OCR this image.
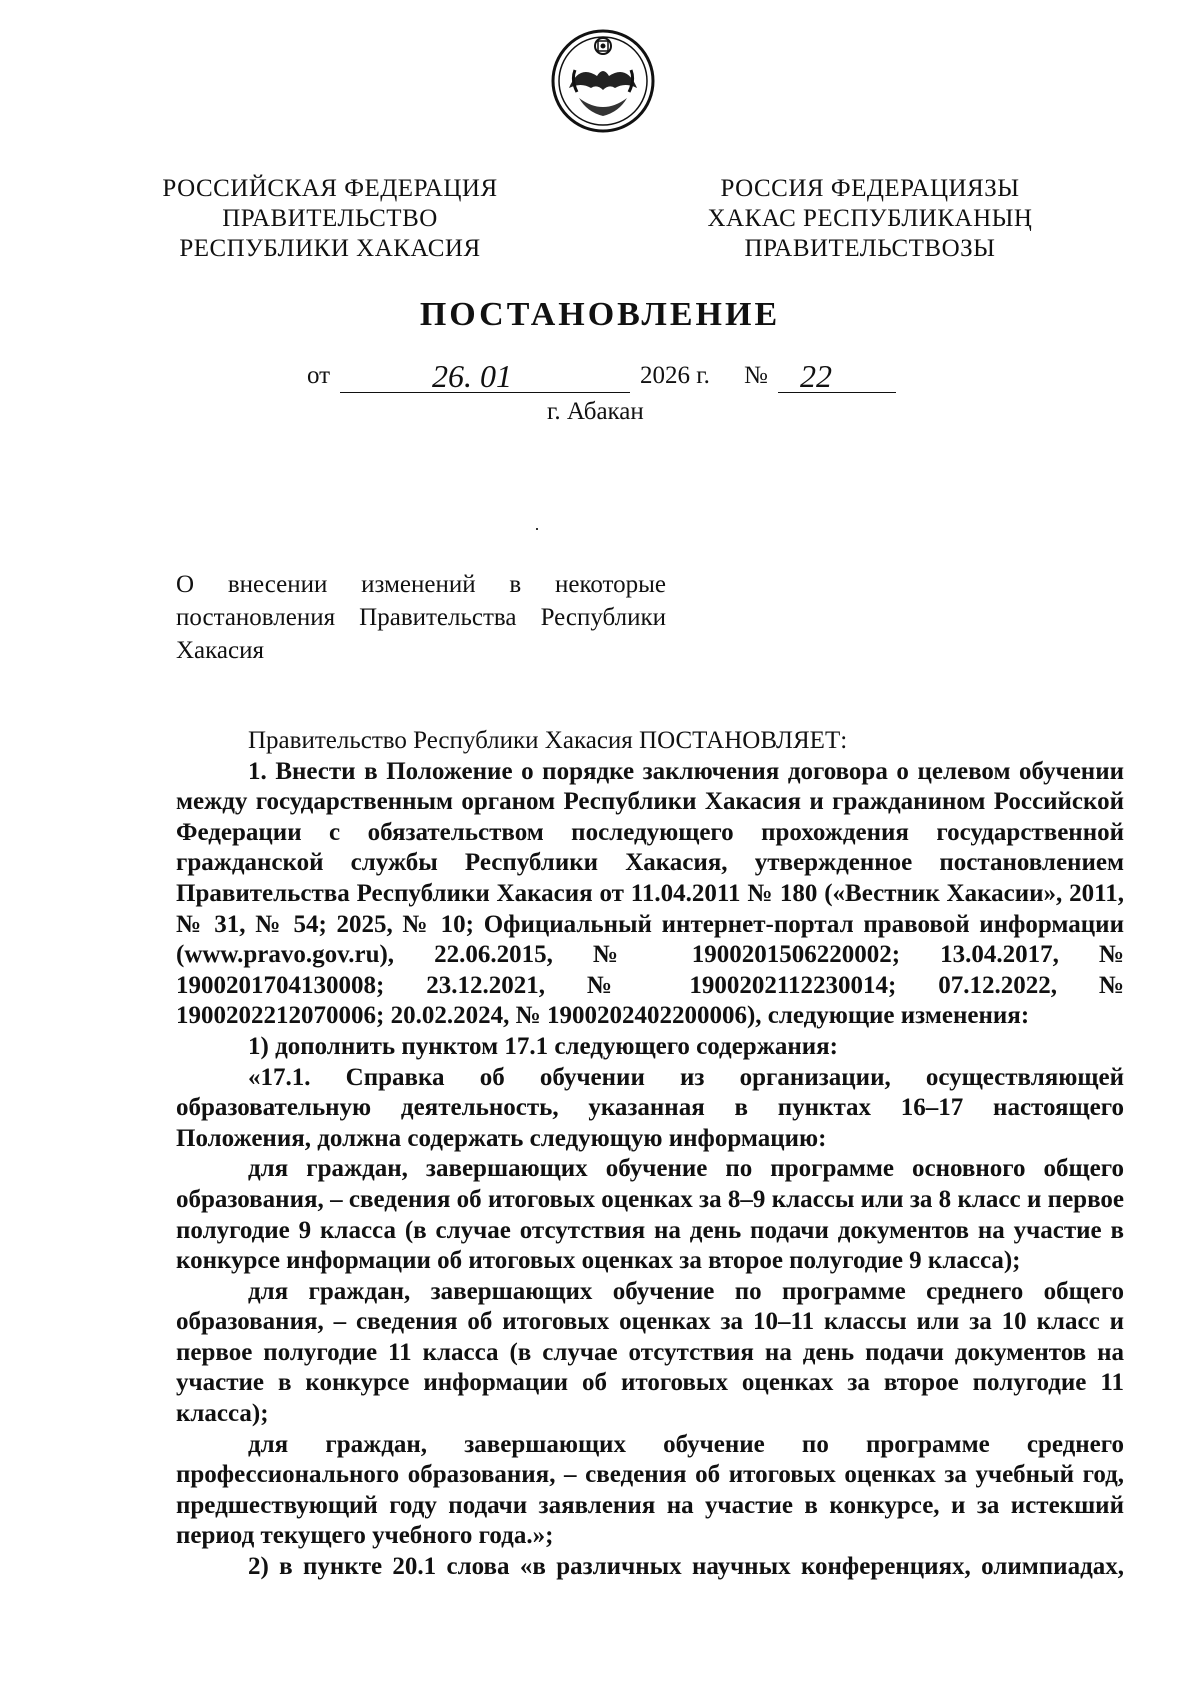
РОССИЙСКАЯ ФЕДЕРАЦИЯ
ПРАВИТЕЛЬСТВО
РЕСПУБЛИКИ ХАКАСИЯ
РОССИЯ ФЕДЕРАЦИЯЗЫ
ХАКАС РЕСПУБЛИКАНЫҢ
ПРАВИТЕЛЬСТВОЗЫ
ПОСТАНОВЛЕНИЕ
от	26. 01	2026 г. № 22
г. Абакан
О внесении изменений в некоторые постановления Правительства Республики Хакасия

Правительство Республики Хакасия ПОСТАНОВЛЯЕТ:

1. Внести в Положение о порядке заключения договора о целевом обучении между государственным органом Республики Хакасия и гражданином Российской Федерации с обязательством последующего прохождения государственной гражданской службы Республики Хакасия, утвержденное постановлением Правительства Республики Хакасия от 11.04.2011 № 180 («Вестник Хакасии», 2011, № 31, № 54; 2025, № 10; Официальный интернет-портал правовой информации (www.pravo.gov.ru), 22.06.2015, № 1900201506220002; 13.04.2017, № 1900201704130008; 23.12.2021, № 1900202112230014; 07.12.2022, № 1900202212070006; 20.02.2024, № 1900202402200006), следующие изменения:

1) дополнить пунктом 17.1 следующего содержания:

«17.1. Справка об обучении из организации, осуществляющей образовательную деятельность, указанная в пунктах 16–17 настоящего Положения, должна содержать следующую информацию:

для граждан, завершающих обучение по программе основного общего образования, – сведения об итоговых оценках за 8–9 классы или за 8 класс и первое полугодие 9 класса (в случае отсутствия на день подачи документов на участие в конкурсе информации об итоговых оценках за второе полугодие 9 класса);

для граждан, завершающих обучение по программе среднего общего образования, – сведения об итоговых оценках за 10–11 классы или за 10 класс и первое полугодие 11 класса (в случае отсутствия на день подачи документов на участие в конкурсе информации об итоговых оценках за второе полугодие 11 класса);

для граждан, завершающих обучение по программе среднего профессионального образования, – сведения об итоговых оценках за учебный год, предшествующий году подачи заявления на участие в конкурсе, и за истекший период текущего учебного года.»;

2) в пункте 20.1 слова «в различных научных конференциях, олимпиадах,
